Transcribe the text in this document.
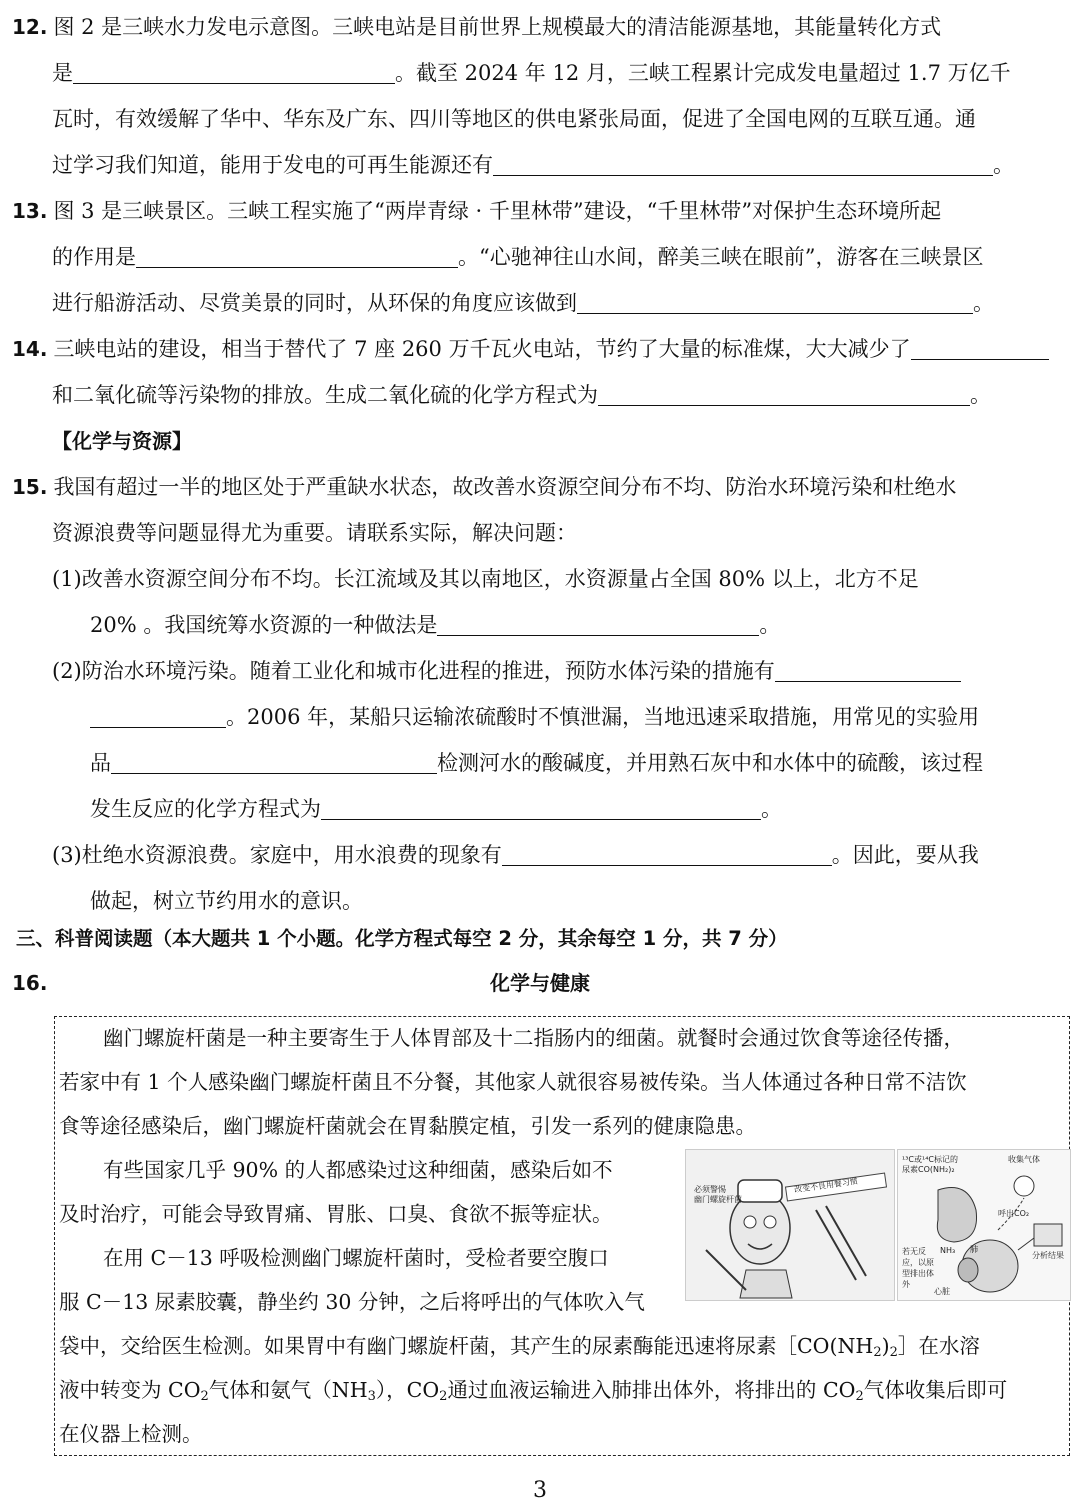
12. 图 2 是三峡水力发电示意图。三峡电站是目前世界上规模最大的清洁能源基地，其能量转化方式
是	。截至 2024 年 12 月，三峡工程累计完成发电量超过 1.7 万亿千
瓦时，有效缓解了华中、华东及广东、四川等地区的供电紧张局面，促进了全国电网的互联互通。通
过学习我们知道，能用于发电的可再生能源还有	。
13. 图 3 是三峡景区。三峡工程实施了“两岸青绿 · 千里林带”建设，“千里林带”对保护生态环境所起
的作用是	。“心驰神往山水间，醉美三峡在眼前”，游客在三峡景区
进行船游活动、尽赏美景的同时，从环保的角度应该做到	。
14. 三峡电站的建设，相当于替代了 7 座 260 万千瓦火电站，节约了大量的标准煤，大大减少了
和二氧化硫等污染物的排放。生成二氧化硫的化学方程式为	。
【化学与资源】
15. 我国有超过一半的地区处于严重缺水状态，故改善水资源空间分布不均、防治水环境污染和杜绝水
资源浪费等问题显得尤为重要。请联系实际，解决问题：
(1)改善水资源空间分布不均。长江流域及其以南地区，水资源量占全国 80% 以上，北方不足
20% 。我国统筹水资源的一种做法是	。
(2)防治水环境污染。随着工业化和城市化进程的推进，预防水体污染的措施有
。2006 年，某船只运输浓硫酸时不慎泄漏，当地迅速采取措施，用常见的实验用
品	检测河水的酸碱度，并用熟石灰中和水体中的硫酸，该过程
发生反应的化学方程式为	。
(3)杜绝水资源浪费。家庭中，用水浪费的现象有	。因此，要从我
做起，树立节约用水的意识。
三、科普阅读题（本大题共 1 个小题。化学方程式每空 2 分，其余每空 1 分，共 7 分）
16.	化学与健康
幽门螺旋杆菌是一种主要寄生于人体胃部及十二指肠内的细菌。就餐时会通过饮食等途径传播，
若家中有 1 个人感染幽门螺旋杆菌且不分餐，其他家人就很容易被传染。当人体通过各种日常不洁饮
食等途径感染后，幽门螺旋杆菌就会在胃黏膜定植，引发一系列的健康隐患。
有些国家几乎 90% 的人都感染过这种细菌，感染后如不
及时治疗，可能会导致胃痛、胃胀、口臭、食欲不振等症状。
在用 C－13 呼吸检测幽门螺旋杆菌时，受检者要空腹口
服 C－13 尿素胶囊，静坐约 30 分钟，之后将呼出的气体吹入气
袋中，交给医生检测。如果胃中有幽门螺旋杆菌，其产生的尿素酶能迅速将尿素$[CO(NH_2)_2]$在水溶
液中转变为 $CO_2$气体和氨气$(NH_3)$，$CO_2$通过血液运输进入肺排出体外，将排出的 $CO_2$气体收集后即可
在仪器上检测。
必须警惕
幽门螺旋杆菌
改变不良用餐习惯
¹³C或¹⁴C标记的
尿素CO(NH₂)₂
收集气体
呼出CO₂
若无反应，以原型排出体外
NH₃ 肺
心脏
分析结果
3
